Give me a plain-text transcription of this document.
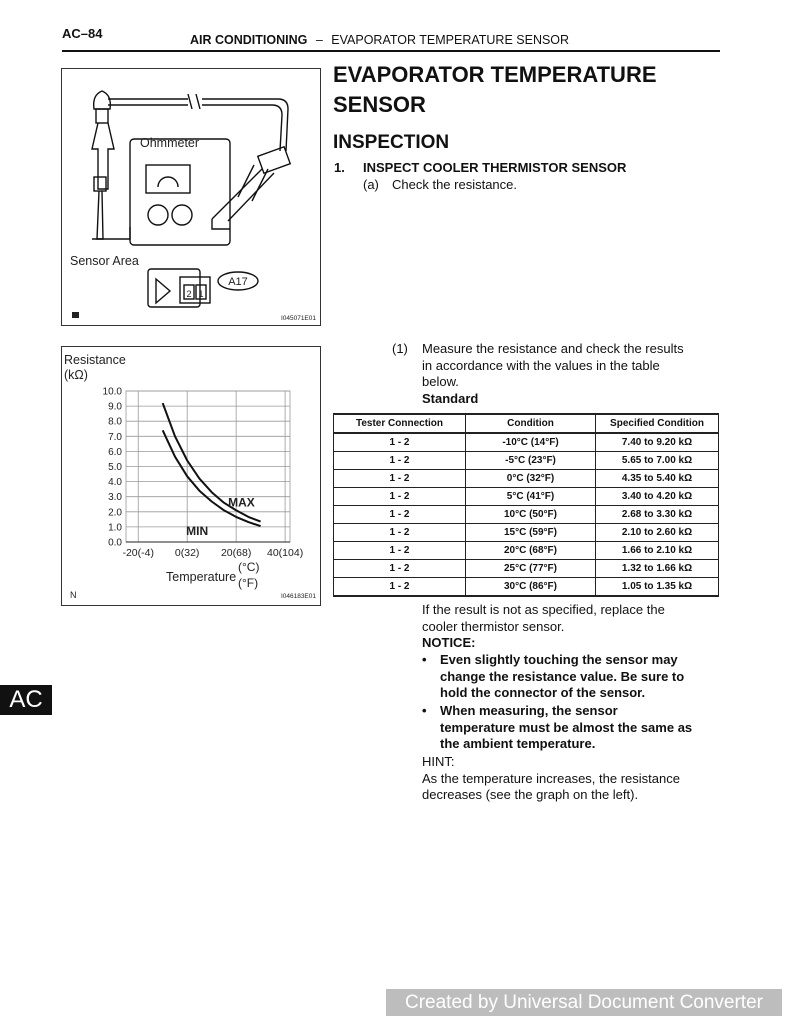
AC–84	AIR CONDITIONING – EVAPORATOR TEMPERATURE SENSOR
EVAPORATOR TEMPERATURE
SENSOR
INSPECTION
1. INSPECT COOLER THERMISTOR SENSOR
(a) Check the resistance.
Ohmmeter
Sensor Area
A17
2 1
I045071E01
Resistance
(kΩ)
Temperature
(°C)
(°F)
N	I046183E01
0.0
1.0
2.0
3.0
4.0
5.0
6.0
7.0
8.0
9.0
10.0
-20(-4) 0(32) 20(68) 40(104)
MAX
MIN
(1) Measure the resistance and check the results
in accordance with the values in the table
below.
Standard
Tester Connection	Condition	Specified Condition
1 - 2	-10°C (14°F)	7.40 to 9.20 kΩ
1 - 2	-5°C (23°F)	5.65 to 7.00 kΩ
1 - 2	0°C (32°F)	4.35 to 5.40 kΩ
1 - 2	5°C (41°F)	3.40 to 4.20 kΩ
1 - 2	10°C (50°F)	2.68 to 3.30 kΩ
1 - 2	15°C (59°F)	2.10 to 2.60 kΩ
1 - 2	20°C (68°F)	1.66 to 2.10 kΩ
1 - 2	25°C (77°F)	1.32 to 1.66 kΩ
1 - 2	30°C (86°F)	1.05 to 1.35 kΩ
If the result is not as specified, replace the
cooler thermistor sensor.
NOTICE:
•	Even slightly touching the sensor may
change the resistance value. Be sure to
hold the connector of the sensor.
•	When measuring, the sensor
temperature must be almost the same as
the ambient temperature.
HINT:
As the temperature increases, the resistance
decreases (see the graph on the left).
AC
Created by Universal Document Converter
